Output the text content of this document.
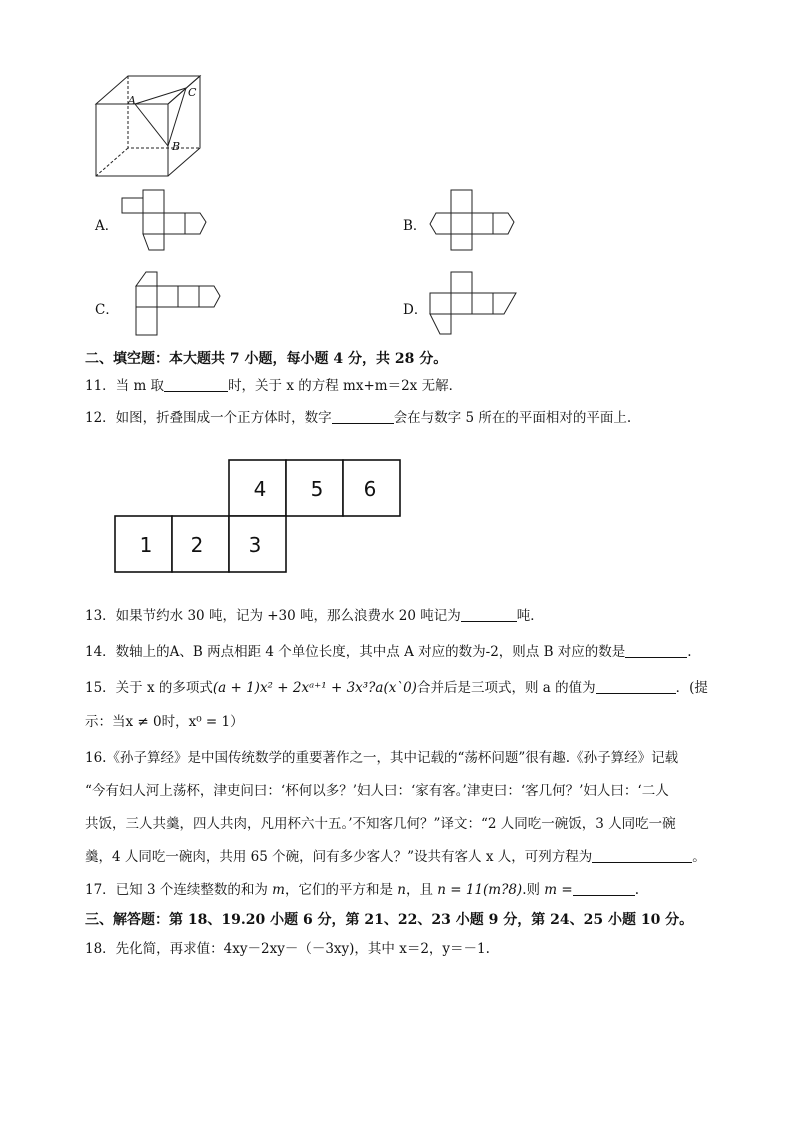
A
B
C
A．	B．
C．	D．
二、填空题：本大题共 7 小题，每小题 4 分，共 28 分。
11．当 m 取	时，关于 x 的方程 mx+m＝2x 无解．
12．如图，折叠围成一个正方体时，数字	会在与数字 5 所在的平面相对的平面上.
4 5 6
1 2 3
13．如果节约水 30 吨，记为 +30 吨，那么浪费水 20 吨记为	吨．
14．数轴上的A、B 两点相距 4 个单位长度，其中点 A 对应的数为-2，则点 B 对应的数是	.
15．关于 x 的多项式(a + 1)x² + 2xᵃ⁺¹ + 3x³?a(x`0)合并后是三项式，则 a 的值为	．(提
示：当x ≠ 0时，x⁰ = 1）
16.《孙子算经》是中国传统数学的重要著作之一，其中记载的“荡杯问题”很有趣.《孙子算经》记载
“今有妇人河上荡杯，津吏问曰：‘杯何以多？’妇人曰：‘家有客。’津吏曰：‘客几何？’妇人曰：‘二人
共饭，三人共羹，四人共肉，凡用杯六十五。’不知客几何？”译文：“2 人同吃一碗饭，3 人同吃一碗
羹，4 人同吃一碗肉，共用 65 个碗，问有多少客人？”设共有客人 x 人，可列方程为	。
17．已知 3 个连续整数的和为 m，它们的平方和是 n，且 n = 11(m?8).则 m =	.
三、解答题：第 18、19.20 小题 6 分，第 21、22、23 小题 9 分，第 24、25 小题 10 分。
18．先化简，再求值：4xy－2xy－（－3xy)，其中 x＝2，y＝－1.
